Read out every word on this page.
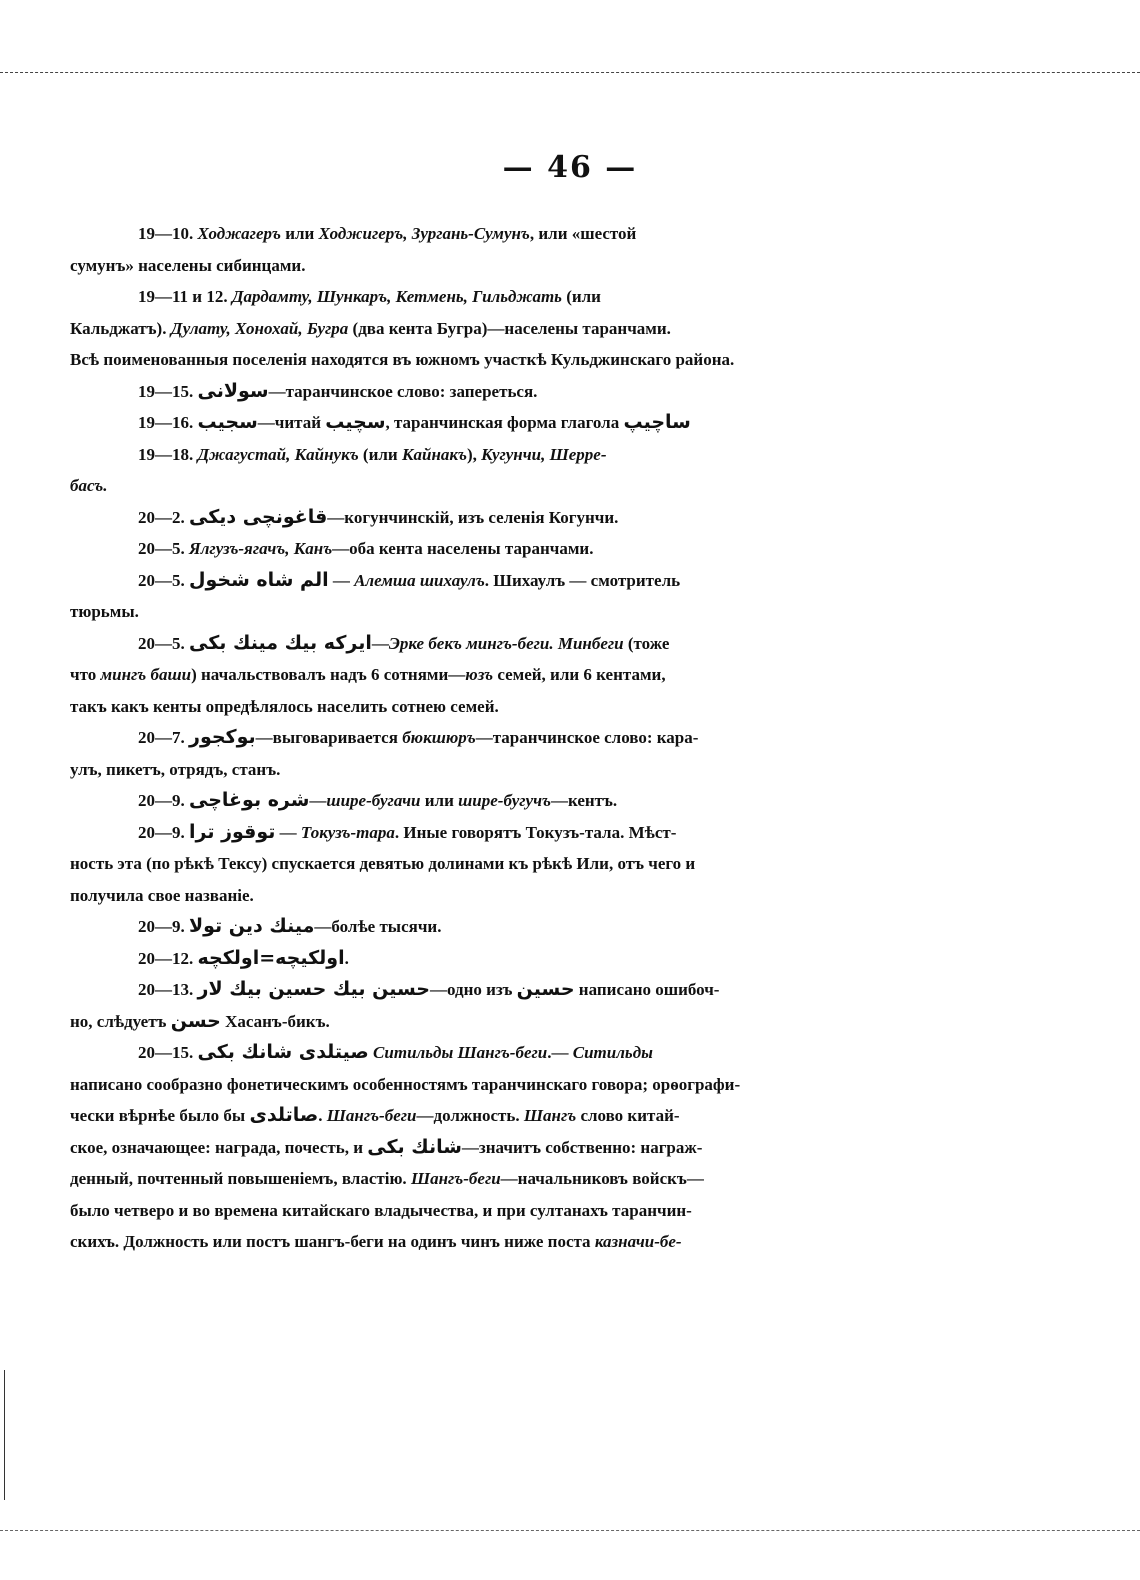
— 46 —

19—10. Ходжагеръ или Ходжигеръ, Зургань-Сумунъ, или «шестой

сумунъ» населены сибинцами.

19—11 и 12. Дардамту, Шункаръ, Кетмень, Гильджать (или

Кальджатъ). Дулату, Хонохай, Бугра (два кента Бугра)—населены таранчами.

Всѣ поименованныя поселенія находятся въ южномъ участкѣ Кульджинскаго района.

19—15. سولانى—таранчинское слово: запереться.

19—16. سجيب—читай سچيب, таранчинская форма глагола ساچيپ

19—18. Джагустай, Кайнукъ (или Кайнакъ), Кугунчи, Шерре-

басъ.

20—2. قاغونچى ديكى—когунчинскій, изъ селенія Когунчи.

20—5. Ялгузъ-ягачъ, Канъ—оба кента населены таранчами.

20—5. الم شاه شخول — Алемша шихаулъ. Шихаулъ — смотритель

тюрьмы.

20—5. ايركه بيك مينك بكى—Эрке бекъ мингъ-беги. Минбеги (тоже

что мингъ баши) начальствовалъ надъ 6 сотнями—юзъ семей, или 6 кентами,

такъ какъ кенты опредѣлялось населить сотнею семей.

20—7. بوكجور—выговаривается бюкшюръ—таранчинское слово: кара-

улъ, пикетъ, отрядъ, станъ.

20—9. شره بوغاچى—шире-бугачи или шире-бугучъ—кентъ.

20—9. توقوز ترا — Токузъ-тара. Иные говорятъ Токузъ-тала. Мѣст-

ность эта (по рѣкѣ Тексу) спускается девятью долинами къ рѣкѣ Или, отъ чего и

получила свое названіе.

20—9. مينك دين تولا—болѣе тысячи.

20—12. اولكيچه=اولكچه.

20—13. حسين بيك حسين بيك لار—одно изъ حسين написано ошибоч-

но, слѣдуетъ حسن Хасанъ-бикъ.

20—15. صيتلدى شانك بكى Ситильды Шангъ-беги.— Ситильды

написано сообразно фонетическимъ особенностямъ таранчинскаго говора; орѳографи-

чески вѣрнѣе было бы صاتلدى. Шангъ-беги—должность. Шангъ слово китай-

ское, означающее: награда, почесть, и شانك بكى—значитъ собственно: награж-

денный, почтенный повышеніемъ, властію. Шангъ-беги—начальниковъ войскъ—

было четверо и во времена китайскаго владычества, и при султанахъ таранчин-

скихъ. Должность или постъ шангъ-беги на одинъ чинъ ниже поста казначи-бе-
